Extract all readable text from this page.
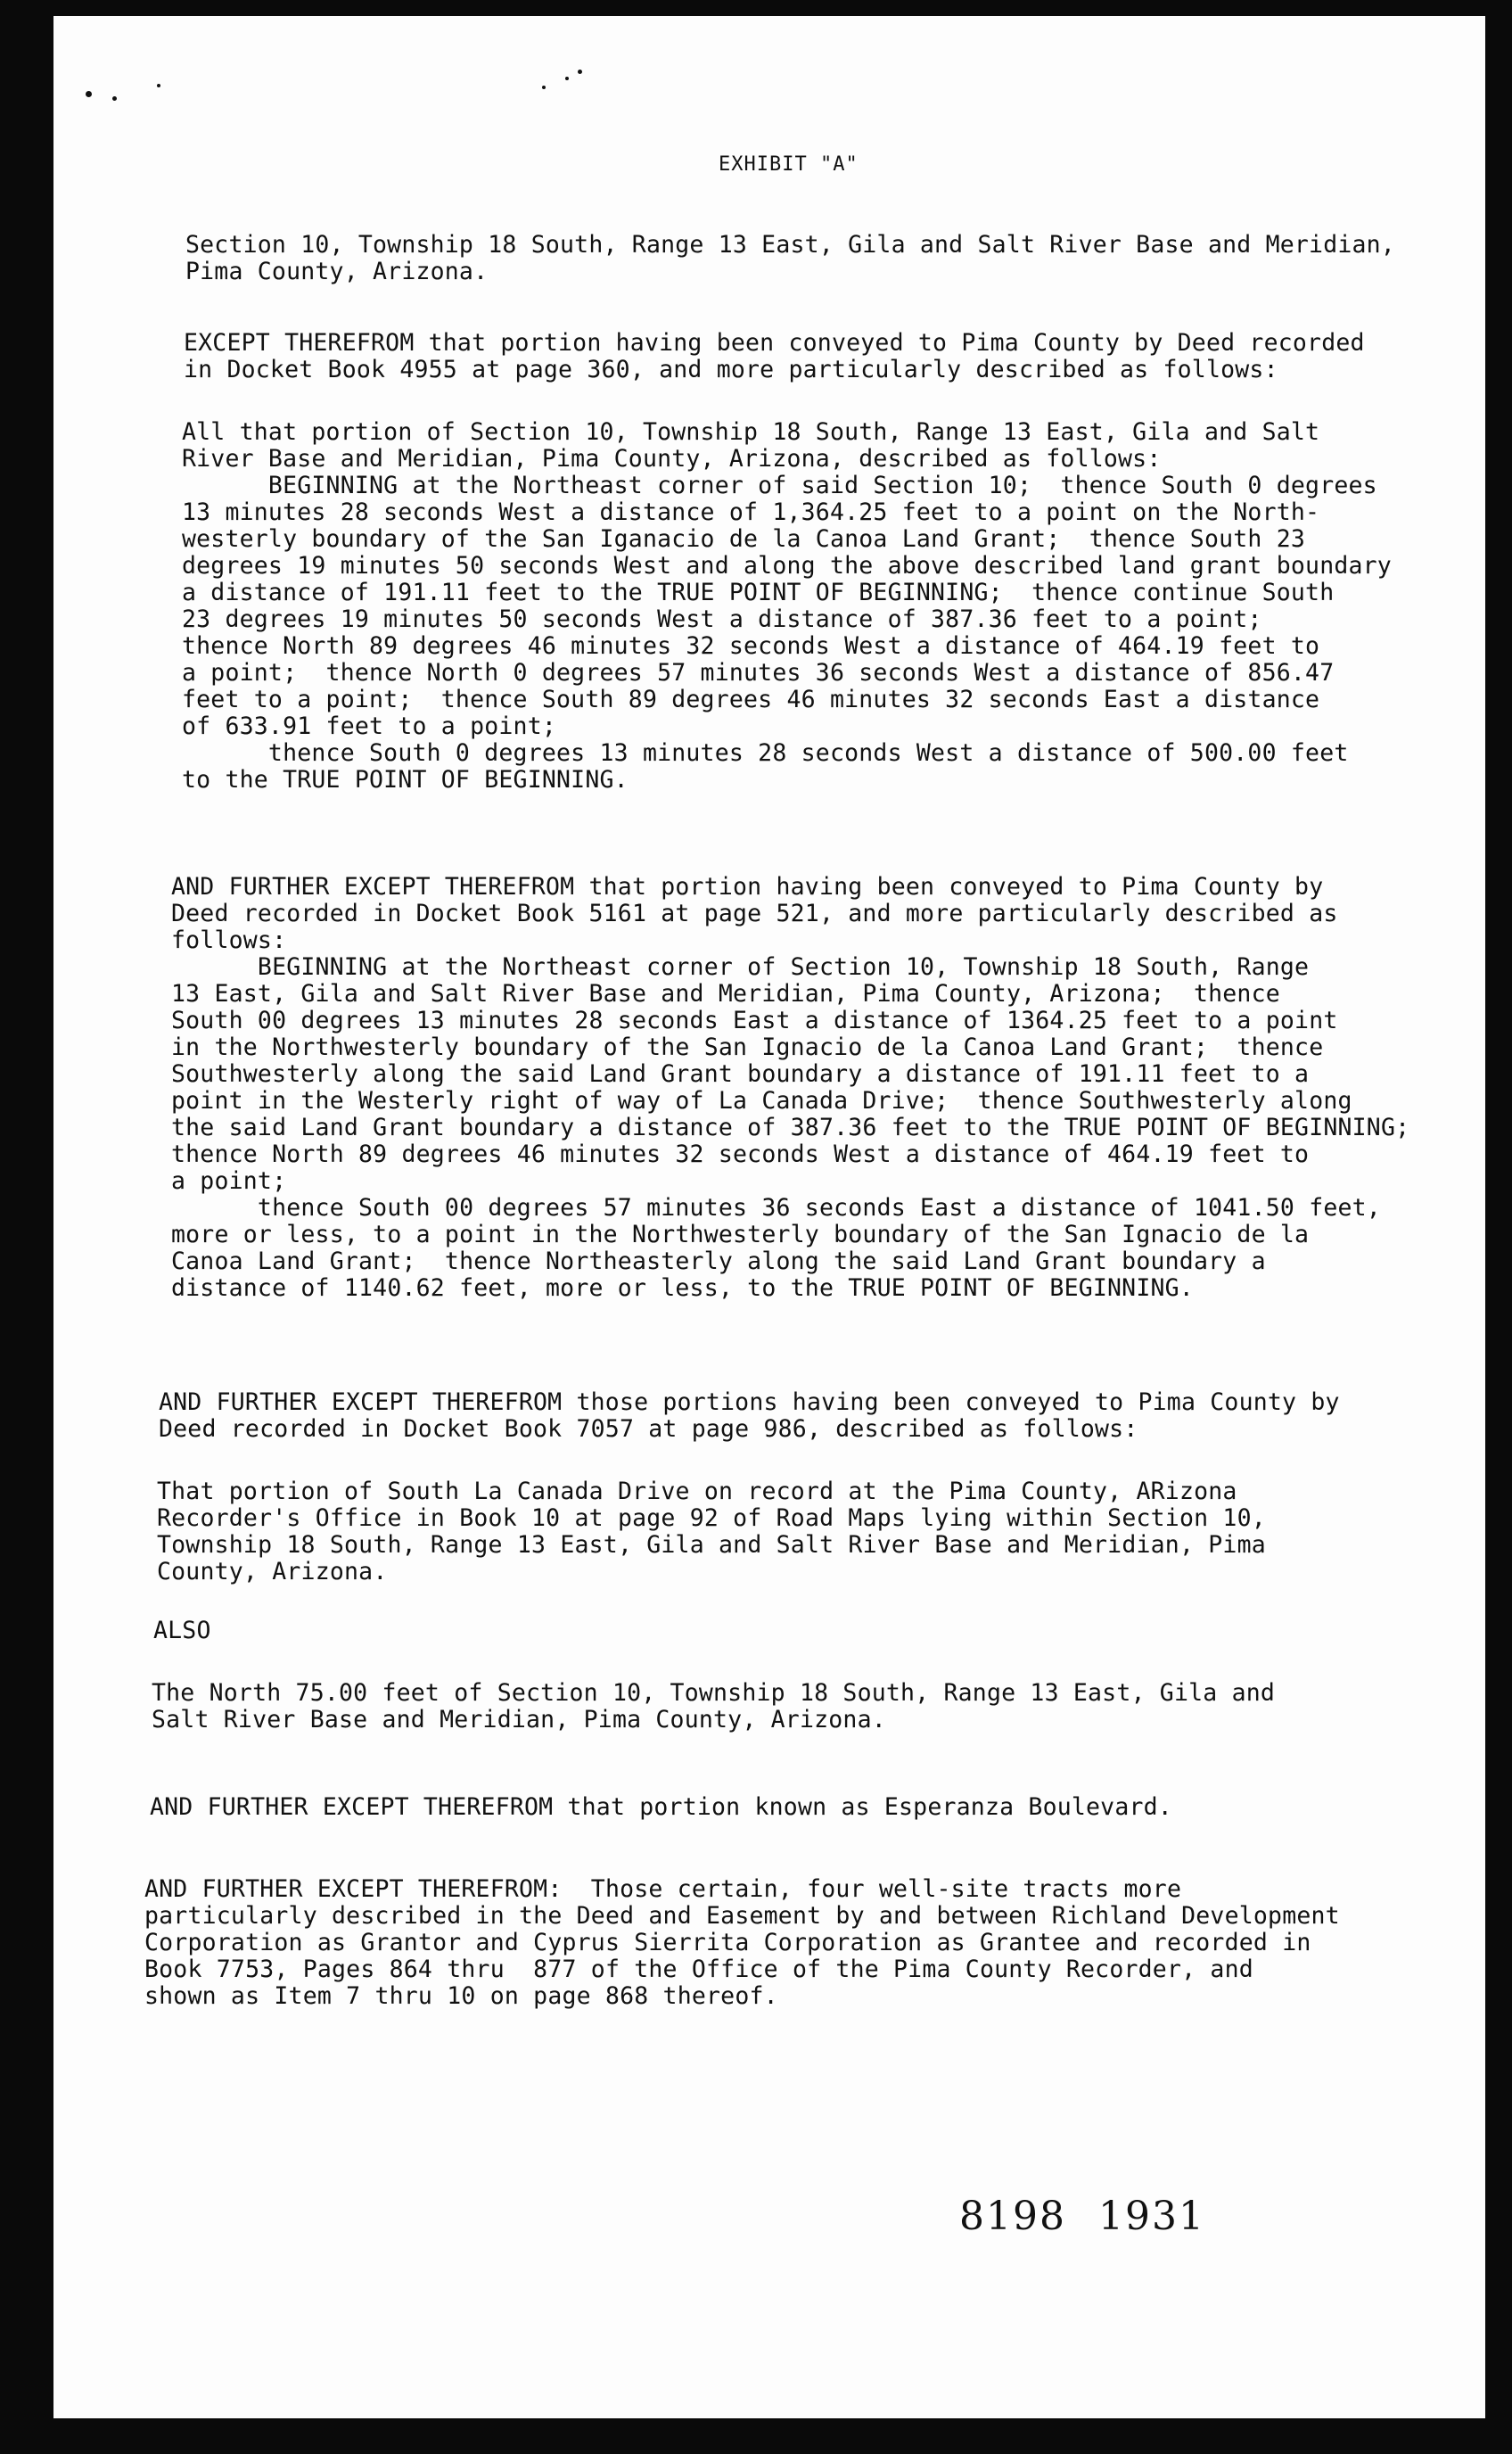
EXHIBIT "A"
Section 10, Township 18 South, Range 13 East, Gila and Salt River Base and Meridian,
Pima County, Arizona.
EXCEPT THEREFROM that portion having been conveyed to Pima County by Deed recorded
in Docket Book 4955 at page 360, and more particularly described as follows:
All that portion of Section 10, Township 18 South, Range 13 East, Gila and Salt
River Base and Meridian, Pima County, Arizona, described as follows:
BEGINNING at the Northeast corner of said Section 10;  thence South 0 degrees
13 minutes 28 seconds West a distance of 1,364.25 feet to a point on the North-
westerly boundary of the San Iganacio de la Canoa Land Grant;  thence South 23
degrees 19 minutes 50 seconds West and along the above described land grant boundary
a distance of 191.11 feet to the TRUE POINT OF BEGINNING;  thence continue South
23 degrees 19 minutes 50 seconds West a distance of 387.36 feet to a point;
thence North 89 degrees 46 minutes 32 seconds West a distance of 464.19 feet to
a point;  thence North 0 degrees 57 minutes 36 seconds West a distance of 856.47
feet to a point;  thence South 89 degrees 46 minutes 32 seconds East a distance
of 633.91 feet to a point;
thence South 0 degrees 13 minutes 28 seconds West a distance of 500.00 feet
to the TRUE POINT OF BEGINNING.
AND FURTHER EXCEPT THEREFROM that portion having been conveyed to Pima County by
Deed recorded in Docket Book 5161 at page 521, and more particularly described as
follows:
BEGINNING at the Northeast corner of Section 10, Township 18 South, Range
13 East, Gila and Salt River Base and Meridian, Pima County, Arizona;  thence
South 00 degrees 13 minutes 28 seconds East a distance of 1364.25 feet to a point
in the Northwesterly boundary of the San Ignacio de la Canoa Land Grant;  thence
Southwesterly along the said Land Grant boundary a distance of 191.11 feet to a
point in the Westerly right of way of La Canada Drive;  thence Southwesterly along
the said Land Grant boundary a distance of 387.36 feet to the TRUE POINT OF BEGINNING;
thence North 89 degrees 46 minutes 32 seconds West a distance of 464.19 feet to
a point;
thence South 00 degrees 57 minutes 36 seconds East a distance of 1041.50 feet,
more or less, to a point in the Northwesterly boundary of the San Ignacio de la
Canoa Land Grant;  thence Northeasterly along the said Land Grant boundary a
distance of 1140.62 feet, more or less, to the TRUE POINT OF BEGINNING.
AND FURTHER EXCEPT THEREFROM those portions having been conveyed to Pima County by
Deed recorded in Docket Book 7057 at page 986, described as follows:
That portion of South La Canada Drive on record at the Pima County, ARizona
Recorder's Office in Book 10 at page 92 of Road Maps lying within Section 10,
Township 18 South, Range 13 East, Gila and Salt River Base and Meridian, Pima
County, Arizona.
ALSO
The North 75.00 feet of Section 10, Township 18 South, Range 13 East, Gila and
Salt River Base and Meridian, Pima County, Arizona.
AND FURTHER EXCEPT THEREFROM that portion known as Esperanza Boulevard.
AND FURTHER EXCEPT THEREFROM:  Those certain, four well-site tracts more
particularly described in the Deed and Easement by and between Richland Development
Corporation as Grantor and Cyprus Sierrita Corporation as Grantee and recorded in
Book 7753, Pages 864 thru  877 of the Office of the Pima County Recorder, and
shown as Item 7 thru 10 on page 868 thereof.
8198 1931
